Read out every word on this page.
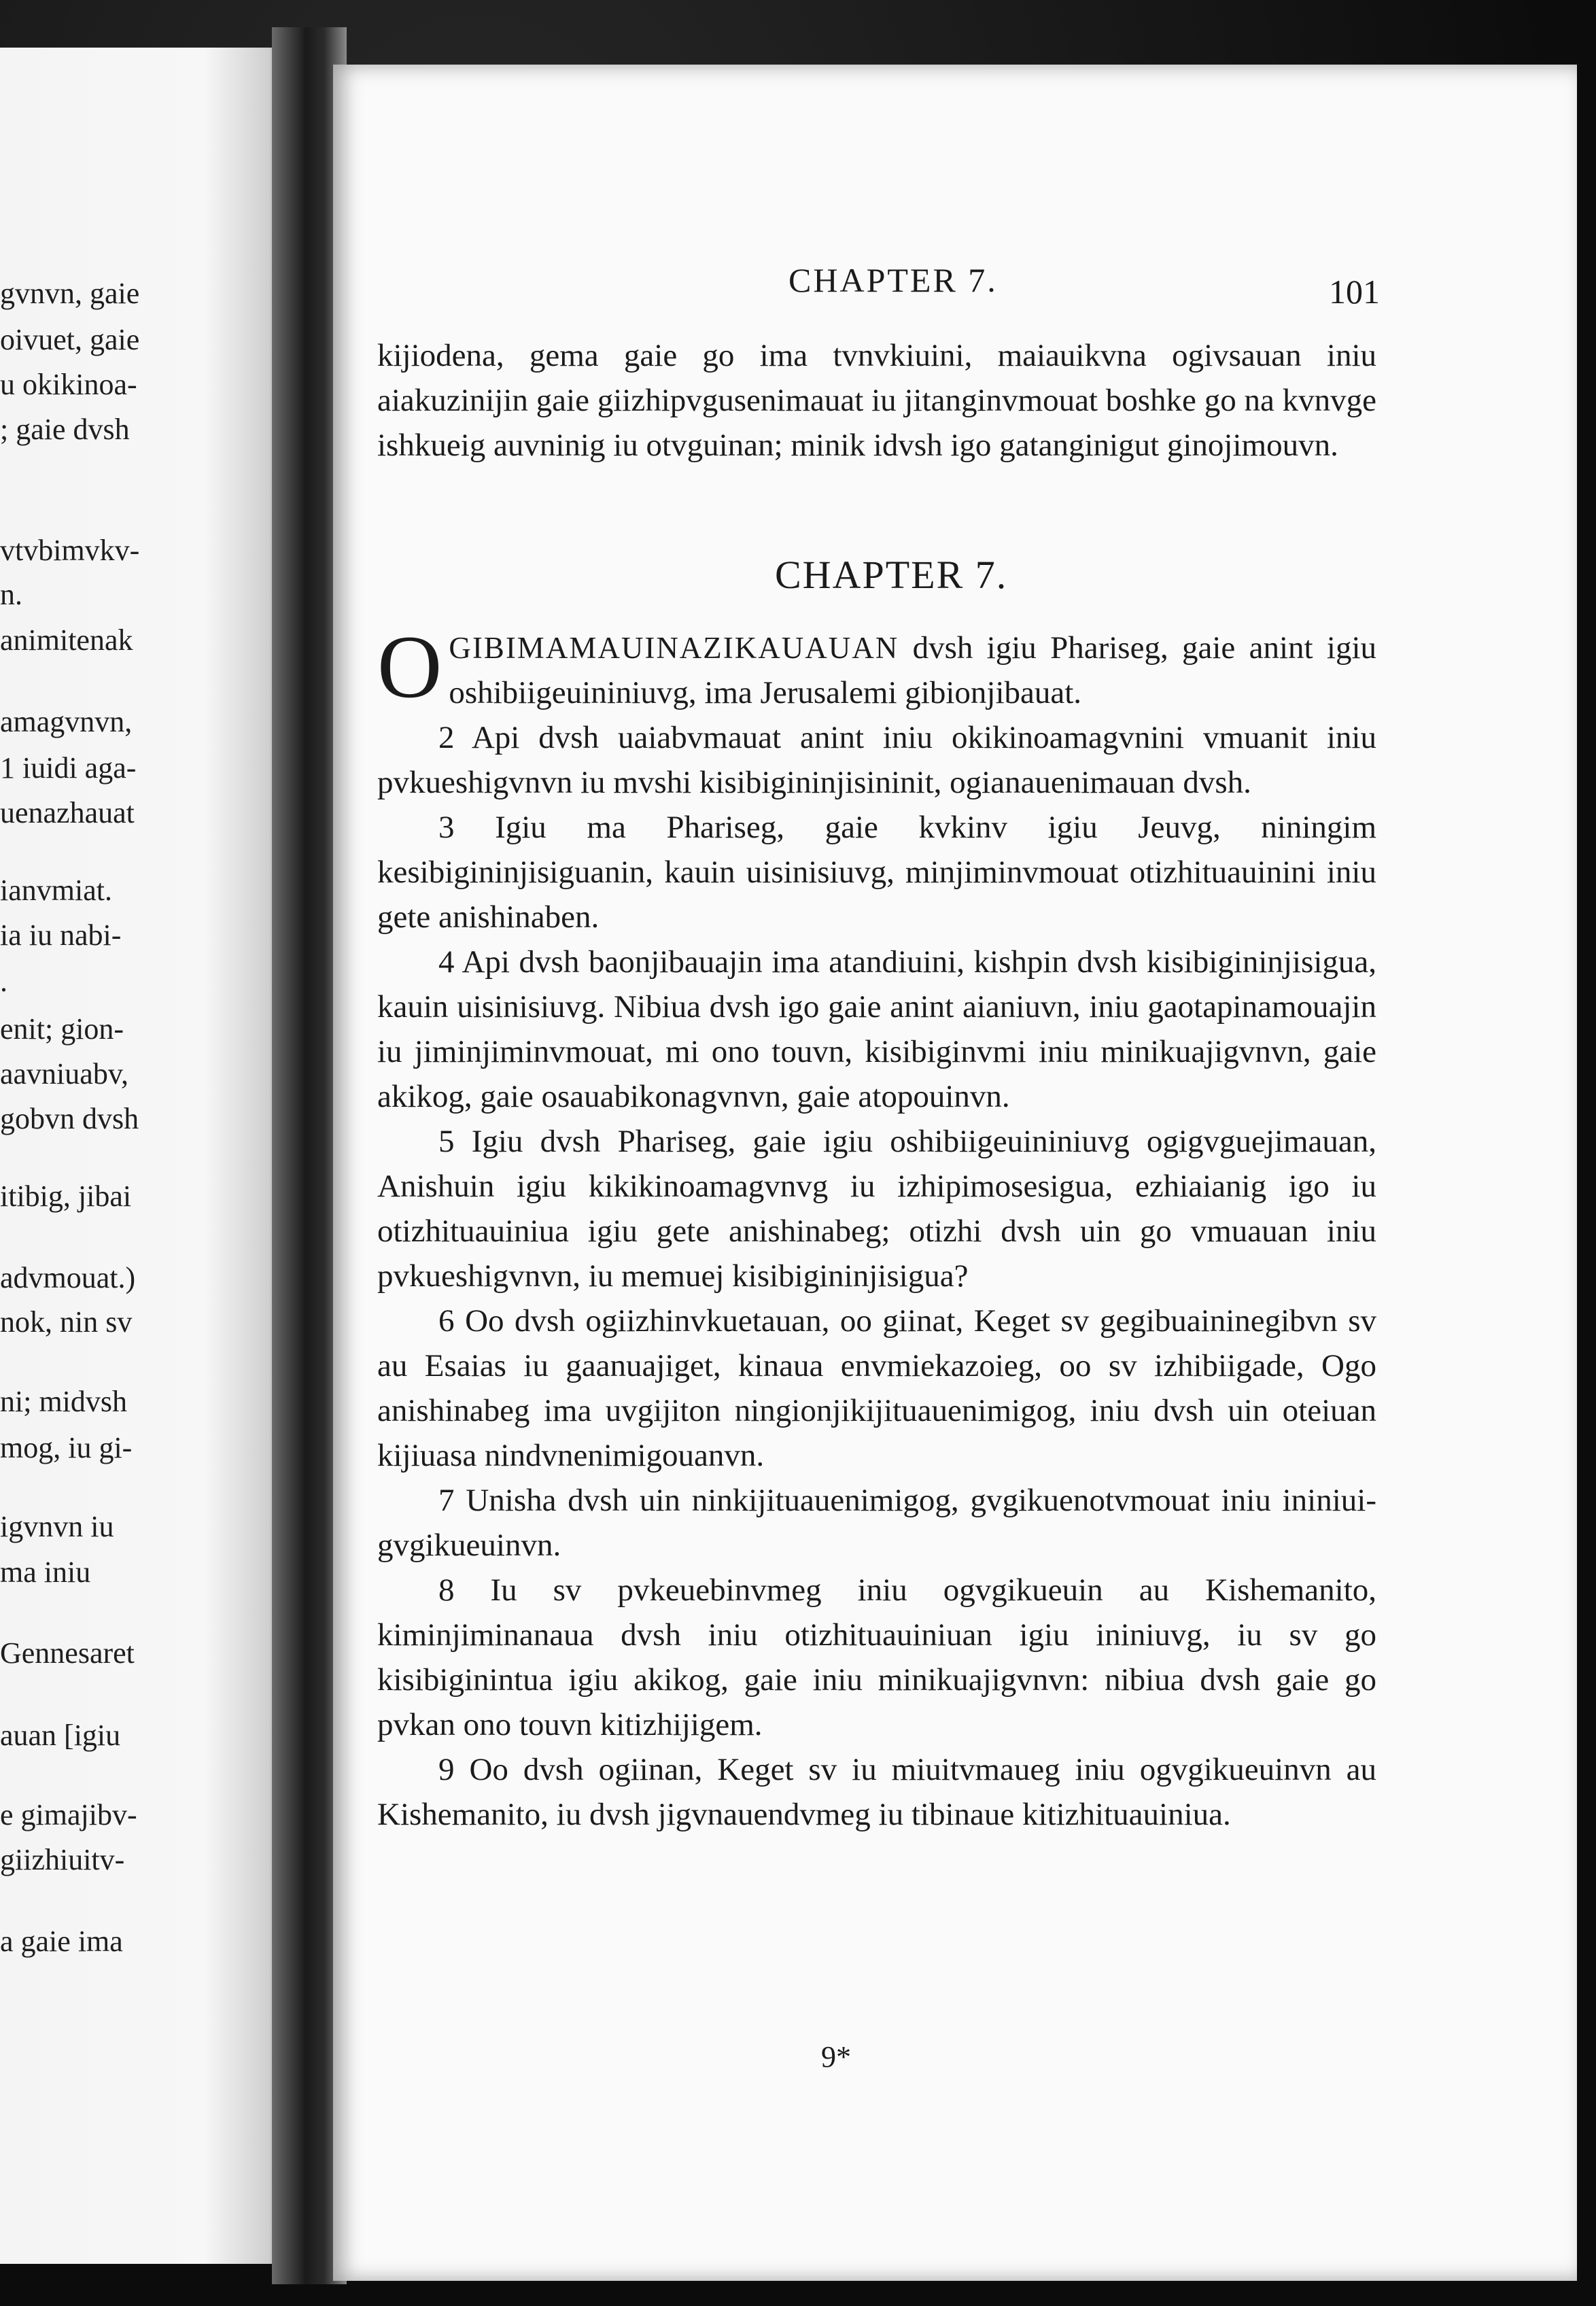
gvnvn, gaie
oivuet, gaie
u okikinoa-
; gaie dvsh
vtvbimvkv-
n.
animitenak
amagvnvn,
1 iuidi aga-
uenazhauat
ianvmiat.
ia iu nabi-
.
enit; gion-
aavniuabv,
gobvn dvsh
itibig, jibai
advmouat.)
nok, nin sv
ni; midvsh
mog, iu gi-
igvnvn iu
ma iniu
Gennesaret
auan [igiu
e gimajibv-
giizhiuitv-
a gaie ima
CHAPTER 7.	101

kijiodena, gema gaie go ima tvnvkiuini, maiauikvna ogivsauan iniu aiakuzinijin gaie giizhipvgusenimauat iu jitanginvmouat boshke go na kvnvge ishkueig auvninig iu otvguinan; minik idvsh igo gatanginigut ginojimouvn.

CHAPTER 7.

OGIBIMAMAUINAZIKAUAUAN dvsh igiu Phariseg, gaie anint igiu oshibiigeuininiuvg, ima Jerusalemi gibionjibauat.

2 Api dvsh uaiabvmauat anint iniu okikinoamagvnini vmuanit iniu pvkueshigvnvn iu mvshi kisibigininjisininit, ogianauenimauan dvsh.

3 Igiu ma Phariseg, gaie kvkinv igiu Jeuvg, niningim kesibigininjisiguanin, kauin uisinisiuvg, minjiminvmouat otizhituauinini iniu gete anishinaben.

4 Api dvsh baonjibauajin ima atandiuini, kishpin dvsh kisibigininjisigua, kauin uisinisiuvg. Nibiua dvsh igo gaie anint aianiuvn, iniu gaotapinamouajin iu jiminjiminvmouat, mi ono touvn, kisibiginvmi iniu minikuajigvnvn, gaie akikog, gaie osauabikonagvnvn, gaie atopouinvn.

5 Igiu dvsh Phariseg, gaie igiu oshibiigeuininiuvg ogigvguejimauan, Anishuin igiu kikikinoamagvnvg iu izhipimosesigua, ezhiaianig igo iu otizhituauiniua igiu gete anishinabeg; otizhi dvsh uin go vmuauan iniu pvkueshigvnvn, iu memuej kisibigininjisigua?

6 Oo dvsh ogiizhinvkuetauan, oo giinat, Keget sv gegibuaininegibvn sv au Esaias iu gaanuajiget, kinaua envmiekazoieg, oo sv izhibiigade, Ogo anishinabeg ima uvgijiton ningionjikijituauenimigog, iniu dvsh uin oteiuan kijiuasa nindvnenimigouanvn.

7 Unisha dvsh uin ninkijituauenimigog, gvgikuenotvmouat iniu ininiui-gvgikueuinvn.

8 Iu sv pvkeuebinvmeg iniu ogvgikueuin au Kishemanito, kiminjiminanaua dvsh iniu otizhituauiniuan igiu ininiuvg, iu sv go kisibiginintua igiu akikog, gaie iniu minikuajigvnvn: nibiua dvsh gaie go pvkan ono touvn kitizhijigem.

9 Oo dvsh ogiinan, Keget sv iu miuitvmaueg iniu ogvgikueuinvn au Kishemanito, iu dvsh jigvnauendvmeg iu tibinaue kitizhituauiniua.

9*
